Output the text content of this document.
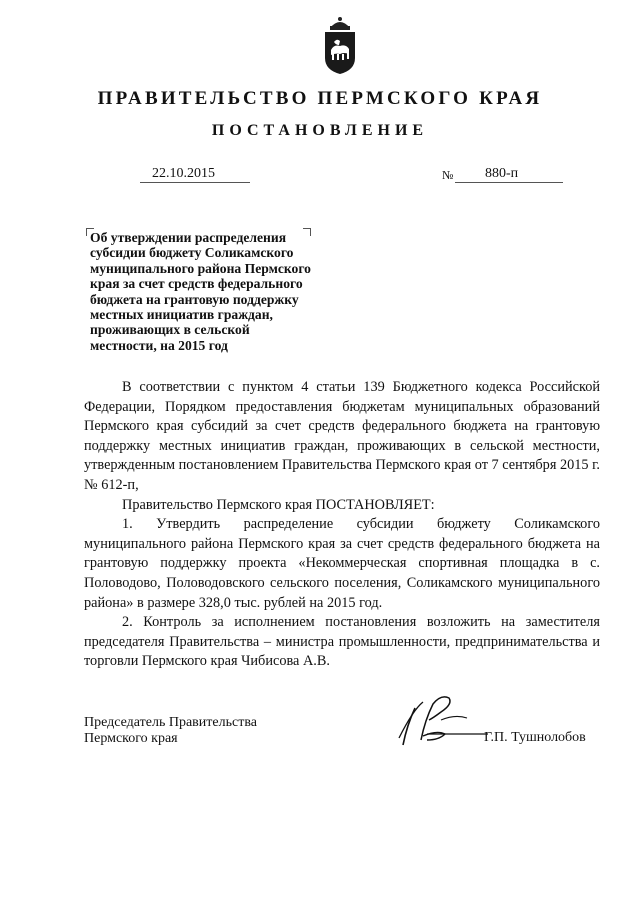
ПРАВИТЕЛЬСТВО ПЕРМСКОГО КРАЯ
ПОСТАНОВЛЕНИЕ
22.10.2015	№ 880-п
Об утверждении распределения субсидии бюджету Соликамского муниципального района Пермского края за счет средств федерального бюджета на грантовую поддержку местных инициатив граждан, проживающих в сельской местности, на 2015 год

В соответствии с пунктом 4 статьи 139 Бюджетного кодекса Российской Федерации, Порядком предоставления бюджетам муниципальных образований Пермского края субсидий за счет средств федерального бюджета на грантовую поддержку местных инициатив граждан, проживающих в сельской местности, утвержденным постановлением Правительства Пермского края от 7 сентября 2015 г. № 612-п,

Правительство Пермского края ПОСТАНОВЛЯЕТ:

1. Утвердить распределение субсидии бюджету Соликамского муниципального района Пермского края за счет средств федерального бюджета на грантовую поддержку проекта «Некоммерческая спортивная площадка в с. Половодово, Половодовского сельского поселения, Соликамского муниципального района» в размере 328,0 тыс. рублей на 2015 год.

2. Контроль за исполнением постановления возложить на заместителя председателя Правительства – министра промышленности, предпринимательства и торговли Пермского края Чибисова А.В.

Председатель Правительства
Пермского края	Г.П. Тушнолобов
